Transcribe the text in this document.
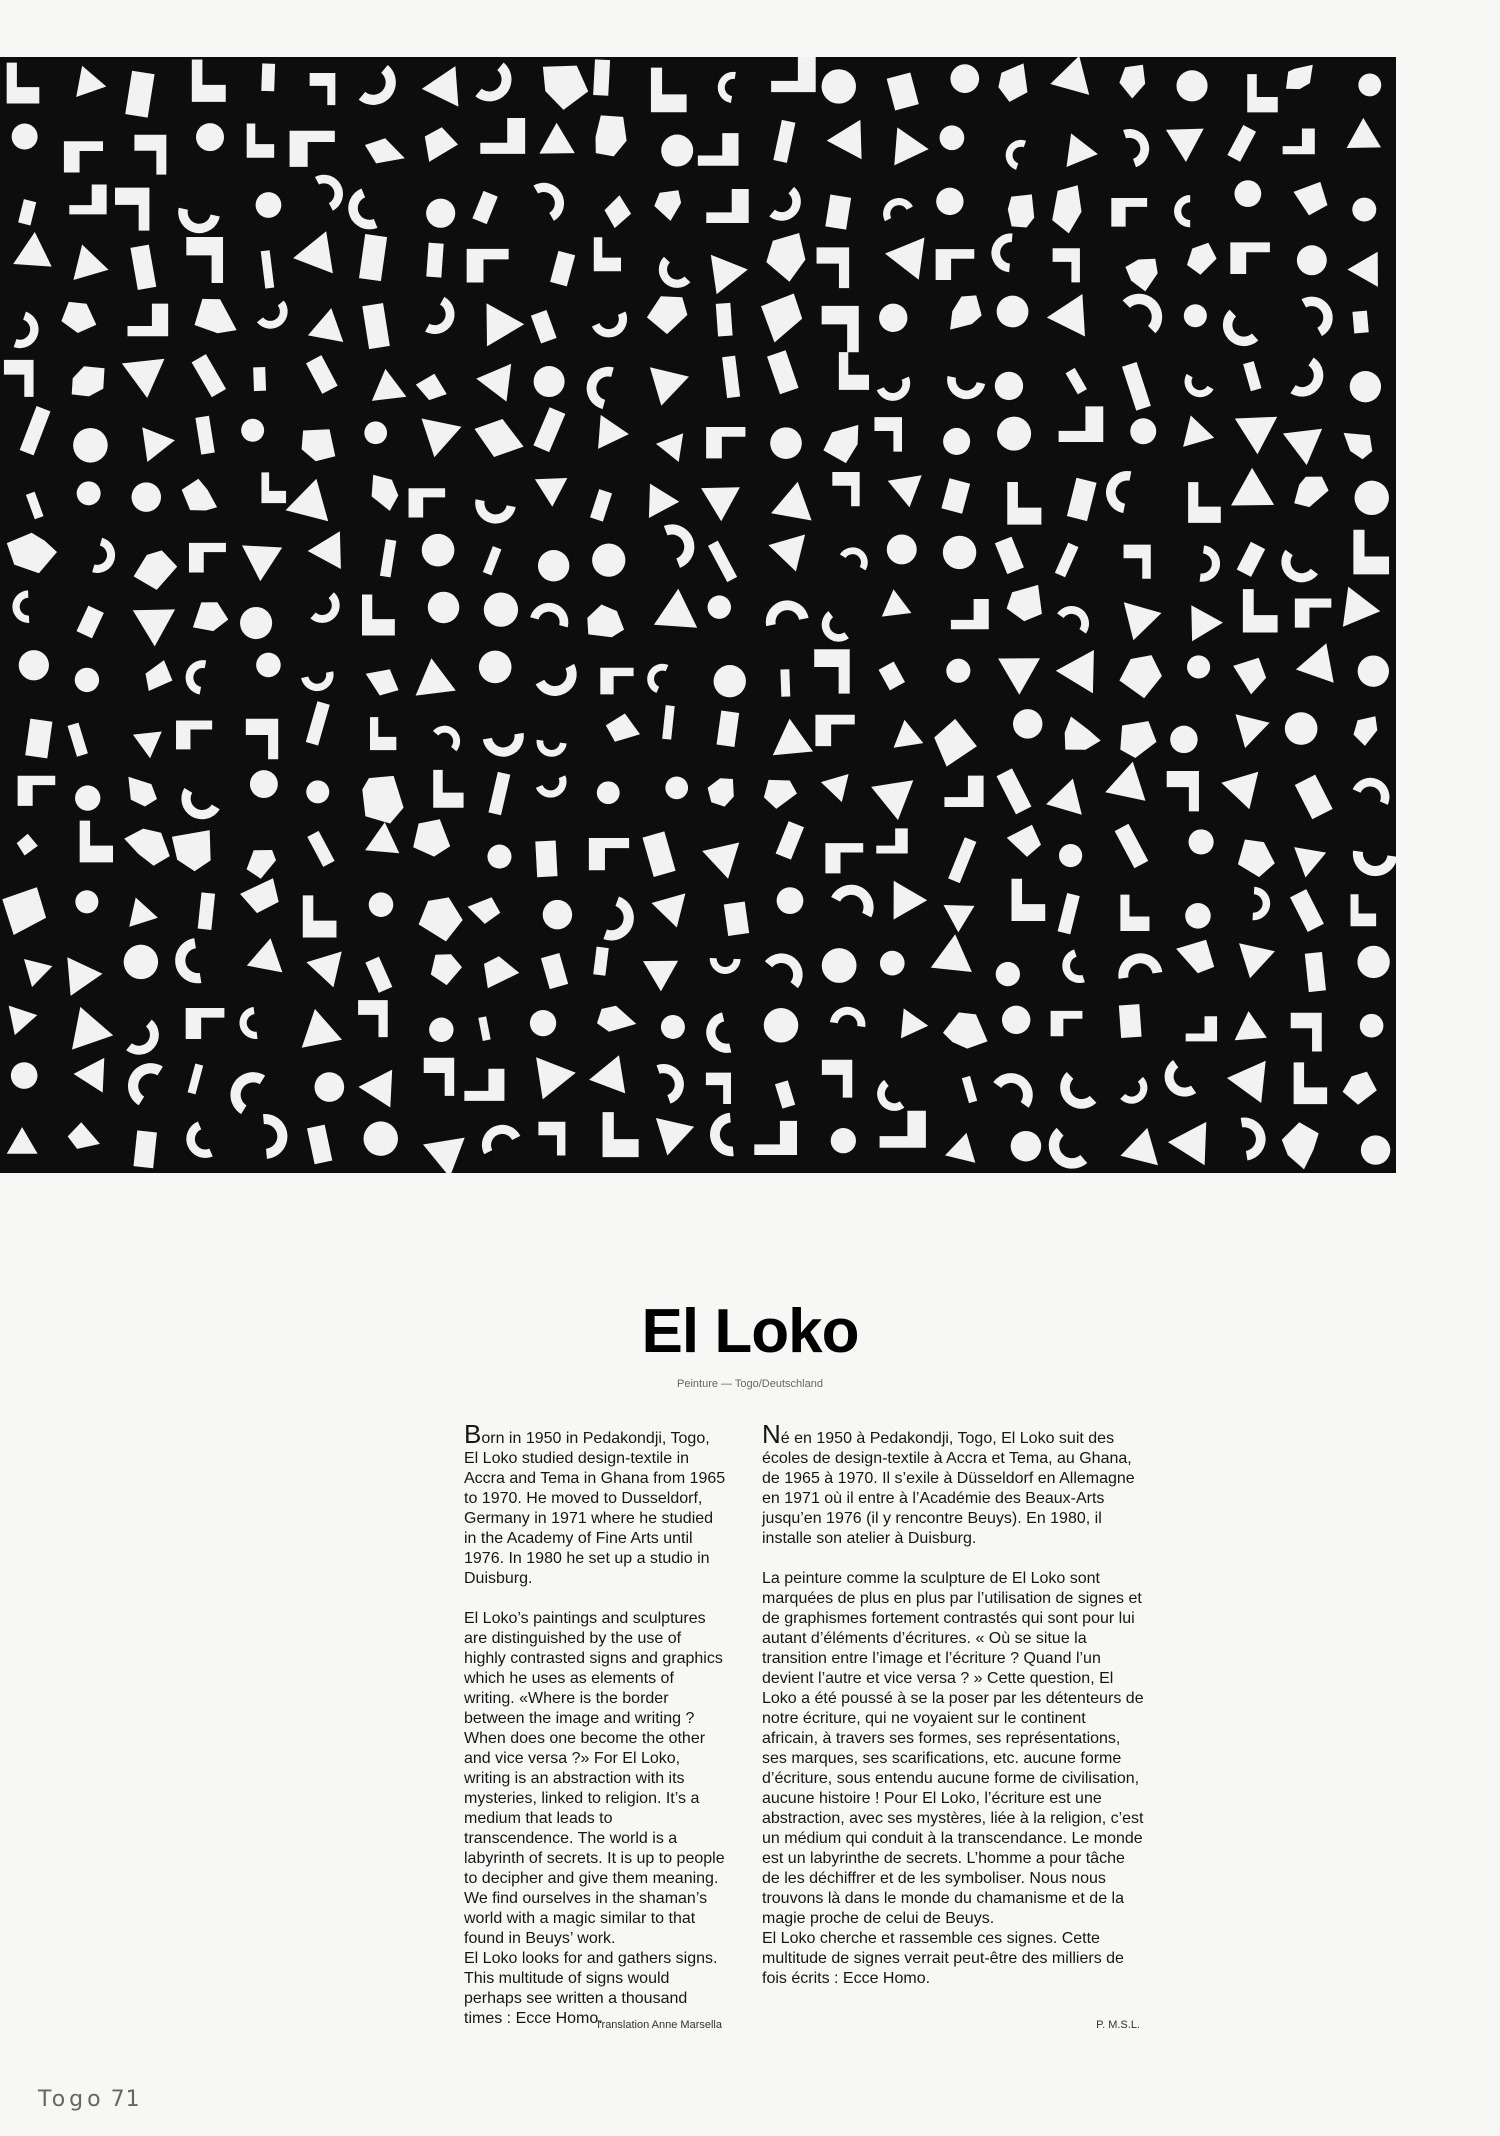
El Loko
Peinture — Togo/Deutschland

Born in 1950 in Pedakondji, Togo, El Loko studied design-textile in Accra and Tema in Ghana from 1965 to 1970. He moved to Dusseldorf, Germany in 1971 where he studied in the Academy of Fine Arts until 1976. In 1980 he set up a studio in Duisburg.

El Loko’s paintings and sculptures are distinguished by the use of highly contrasted signs and graphics which he uses as elements of writing. «Where is the border between the image and writing ? When does one become the other and vice versa ?» For El Loko, writing is an abstraction with its mysteries, linked to religion. It’s a medium that leads to transcendence. The world is a labyrinth of secrets. It is up to people to decipher and give them meaning. We find ourselves in the shaman’s world with a magic similar to that found in Beuys’ work.

El Loko looks for and gathers signs. This multitude of signs would perhaps see written a thousand times : Ecce Homo.

Translation Anne Marsella

Né en 1950 à Pedakondji, Togo, El Loko suit des écoles de design-textile à Accra et Tema, au Ghana, de 1965 à 1970. Il s’exile à Düsseldorf en Allemagne en 1971 où il entre à l’Académie des Beaux-Arts jusqu’en 1976 (il y rencontre Beuys). En 1980, il installe son atelier à Duisburg.

La peinture comme la sculpture de El Loko sont marquées de plus en plus par l’utilisation de signes et de graphismes fortement contrastés qui sont pour lui autant d’éléments d’écritures. « Où se situe la transition entre l’image et l’écriture ? Quand l’un devient l’autre et vice versa ? » Cette question, El Loko a été poussé à se la poser par les détenteurs de notre écriture, qui ne voyaient sur le continent africain, à travers ses formes, ses représentations, ses marques, ses scarifications, etc. aucune forme d’écriture, sous entendu aucune forme de civilisation, aucune histoire ! Pour El Loko, l’écriture est une abstraction, avec ses mystères, liée à la religion, c’est un médium qui conduit à la transcendance. Le monde est un labyrinthe de secrets. L’homme a pour tâche de les déchiffrer et de les symboliser. Nous nous trouvons là dans le monde du chamanisme et de la magie proche de celui de Beuys.

El Loko cherche et rassemble ces signes. Cette multitude de signes verrait peut-être des milliers de fois écrits : Ecce Homo.

P. M.S.L.
Togo 71
